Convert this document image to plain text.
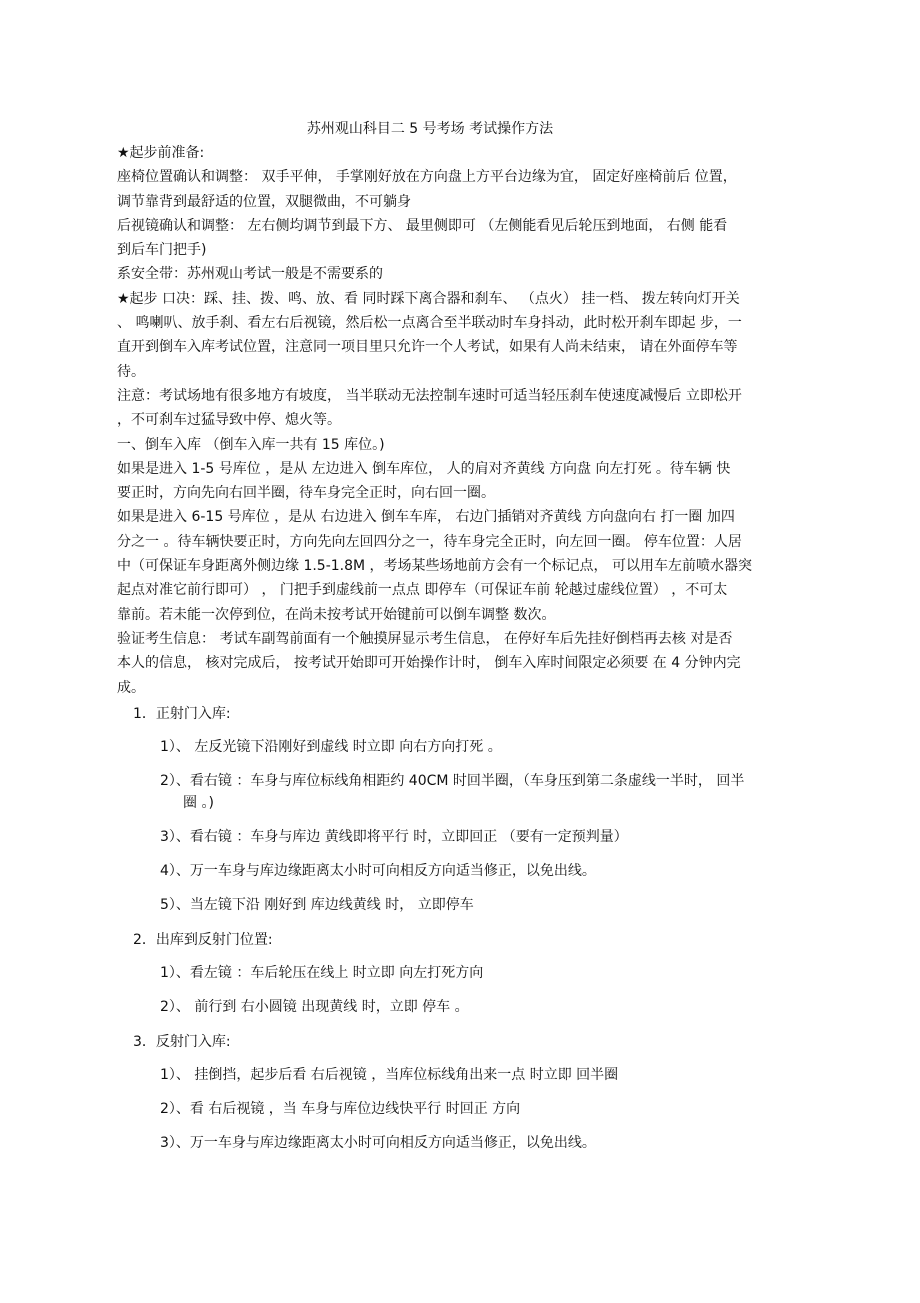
苏州观山科目二 5 号考场 考试操作方法
★起步前准备:
座椅位置确认和调整： 双手平伸， 手掌刚好放在方向盘上方平台边缘为宜， 固定好座椅前后 位置，
调节靠背到最舒适的位置，双腿微曲，不可躺身
后视镜确认和调整： 左右侧均调节到最下方、 最里侧即可 （左侧能看见后轮压到地面， 右侧 能看
到后车门把手)
系安全带：苏州观山考试一般是不需要系的
★起步 口决：踩、挂、拨、鸣、放、看 同时踩下离合器和刹车、 （点火） 挂一档、 拨左转向灯开关
、 鸣喇叭、放手刹、看左右后视镜，然后松一点离合至半联动时车身抖动，此时松开刹车即起 步，一
直开到倒车入库考试位置，注意同一项目里只允许一个人考试，如果有人尚未结束， 请在外面停车等
待。
注意：考试场地有很多地方有坡度， 当半联动无法控制车速时可适当轻压刹车使速度减慢后 立即松开
，不可刹车过猛导致中停、熄火等。
一、倒车入库 （倒车入库一共有 15 库位。)
如果是进入 1-5 号库位 ，是从 左边进入 倒车库位， 人的肩对齐黄线 方向盘 向左打死 。待车辆 快
要正时，方向先向右回半圈，待车身完全正时，向右回一圈。
如果是进入 6-15 号库位 ，是从 右边进入 倒车车库， 右边门插销对齐黄线 方向盘向右 打一圈 加四
分之一 。待车辆快要正时，方向先向左回四分之一，待车身完全正时，向左回一圈。 停车位置：人居
中（可保证车身距离外侧边缘 1.5-1.8M ，考场某些场地前方会有一个标记点， 可以用车左前喷水器突
起点对准它前行即可） ， 门把手到虚线前一点点 即停车（可保证车前 轮越过虚线位置） ，不可太
靠前。若未能一次停到位，在尚未按考试开始键前可以倒车调整 数次。
验证考生信息： 考试车副驾前面有一个触摸屏显示考生信息， 在停好车后先挂好倒档再去核 对是否
本人的信息， 核对完成后， 按考试开始即可开始操作计时， 倒车入库时间限定必须要 在 4 分钟内完
成。
1．正射门入库:
1）、 左反光镜下沿刚好到虚线 时立即 向右方向打死 。
2）、看右镜 ：车身与库位标线角相距约 40CM 时回半圈，（车身压到第二条虚线一半时， 回半
圈 。)
3）、看右镜 ：车身与库边 黄线即将平行 时，立即回正 （要有一定预判量）
4）、万一车身与库边缘距离太小时可向相反方向适当修正，以免出线。
5）、当左镜下沿 刚好到 库边线黄线 时， 立即停车
2．出库到反射门位置:
1）、看左镜 ：车后轮压在线上 时立即 向左打死方向
2）、 前行到 右小圆镜 出现黄线 时，立即 停车 。
3．反射门入库:
1）、 挂倒挡，起步后看 右后视镜 ，当库位标线角出来一点 时立即 回半圈
2）、看 右后视镜 ，当 车身与库位边线快平行 时回正 方向
3）、万一车身与库边缘距离太小时可向相反方向适当修正，以免出线。
